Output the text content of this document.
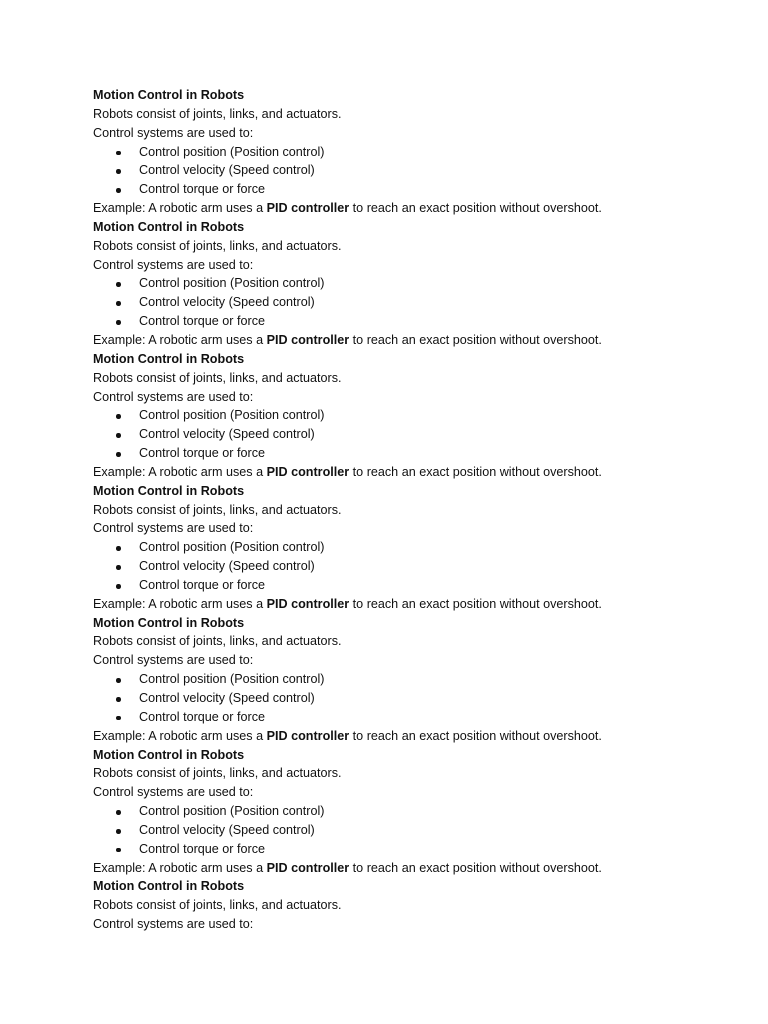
Motion Control in Robots

Robots consist of joints, links, and actuators.

Control systems are used to:

Control position (Position control)
Control velocity (Speed control)
Control torque or force

Example: A robotic arm uses a PID controller to reach an exact position without overshoot.

Motion Control in Robots

Robots consist of joints, links, and actuators.

Control systems are used to:

Control position (Position control)
Control velocity (Speed control)
Control torque or force

Example: A robotic arm uses a PID controller to reach an exact position without overshoot.

Motion Control in Robots

Robots consist of joints, links, and actuators.

Control systems are used to:

Control position (Position control)
Control velocity (Speed control)
Control torque or force

Example: A robotic arm uses a PID controller to reach an exact position without overshoot.

Motion Control in Robots

Robots consist of joints, links, and actuators.

Control systems are used to:

Control position (Position control)
Control velocity (Speed control)
Control torque or force

Example: A robotic arm uses a PID controller to reach an exact position without overshoot.

Motion Control in Robots

Robots consist of joints, links, and actuators.

Control systems are used to:

Control position (Position control)
Control velocity (Speed control)
Control torque or force

Example: A robotic arm uses a PID controller to reach an exact position without overshoot.

Motion Control in Robots

Robots consist of joints, links, and actuators.

Control systems are used to:

Control position (Position control)
Control velocity (Speed control)
Control torque or force

Example: A robotic arm uses a PID controller to reach an exact position without overshoot.

Motion Control in Robots

Robots consist of joints, links, and actuators.

Control systems are used to:
